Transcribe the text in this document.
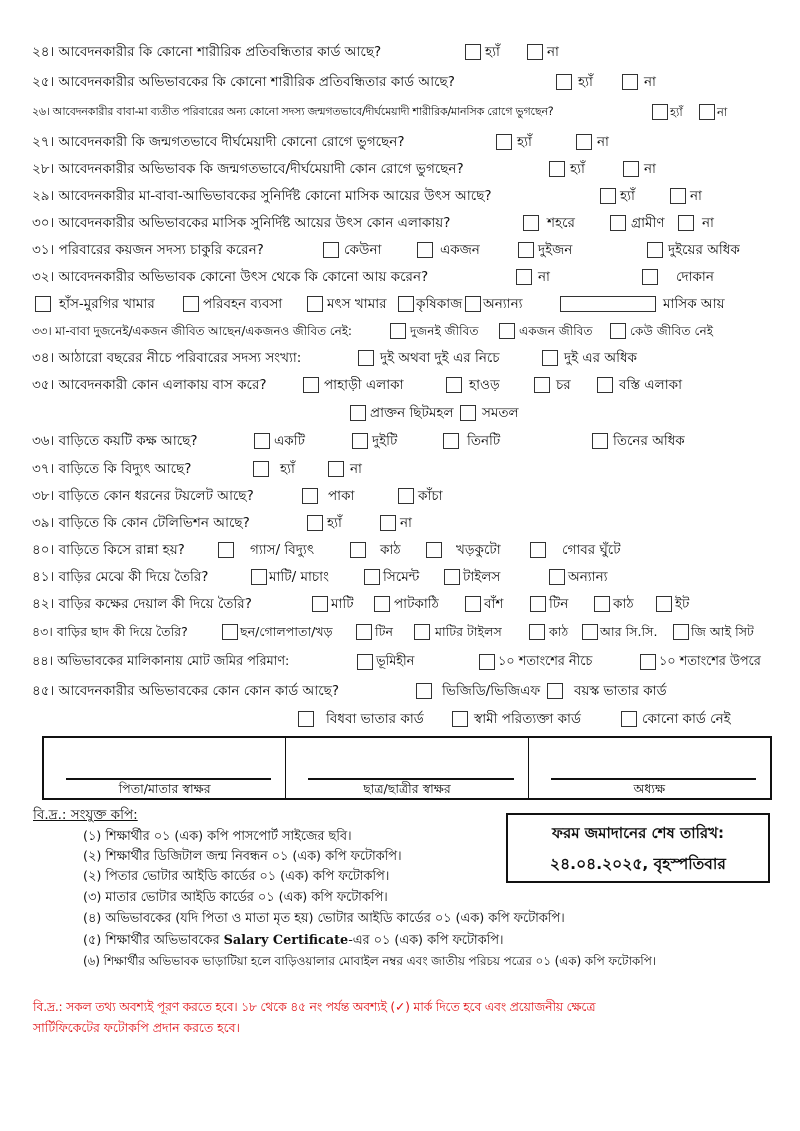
২৪। আবেদনকারীর কি কোনো শারীরিক প্রতিবন্ধিতার কার্ড আছে?	হ্যাঁ	না
২৫। আবেদনকারীর অভিভাবকের কি কোনো শারীরিক প্রতিবন্ধিতার কার্ড আছে?	হ্যাঁ	না
২৬। আবেদনকারীর বাবা-মা ব্যতীত পরিবারের অন্য কোনো সদস্য জন্মগতভাবে/দীর্ঘমেয়াদী শারীরিক/মানসিক রোগে ভুগছেন?	হ্যাঁ	না
২৭। আবেদনকারী কি জন্মগতভাবে দীর্ঘমেয়াদী কোনো রোগে ভুগছেন?	হ্যাঁ	না
২৮। আবেদনকারীর অভিভাবক কি জন্মগতভাবে/দীর্ঘমেয়াদী কোন রোগে ভুগছেন?	হ্যাঁ	না
২৯। আবেদনকারীর মা-বাবা-আভিভাবকের সুনির্দিষ্ট কোনো মাসিক আয়ের উৎস আছে?	হ্যাঁ	না
৩০। আবেদনকারীর অভিভাবকের মাসিক সুনির্দিষ্ট আয়ের উৎস কোন এলাকায়?	শহরে	গ্রামীণ	না
৩১। পরিবারের কয়জন সদস্য চাকুরি করেন?	কেউনা	একজন	দুইজন	দুইয়ের অধিক
৩২। আবেদনকারীর অভিভাবক কোনো উৎস থেকে কি কোনো আয় করেন?	না	দোকান
হাঁস-মুরগির খামার	পরিবহন ব্যবসা	মৎস খামার কৃষিকাজ অন্যান্য	মাসিক আয়
৩৩। মা-বাবা দুজনেই/একজন জীবিত আছেন/একজনও জীবিত নেই:	দুজনই জীবিত	একজন জীবিত	কেউ জীবিত নেই
৩৪। আঠারো বছরের নীচে পরিবারের সদস্য সংখ্যা:	দুই অথবা দুই এর নিচে	দুই এর অধিক
৩৫। আবেদনকারী কোন এলাকায় বাস করে?	পাহাড়ী এলাকা	হাওড়	চর	বস্তি এলাকা
প্রাক্তন ছিটমহল সমতল
৩৬। বাড়িতে কয়টি কক্ষ আছে?	একটি	দুইটি	তিনটি	তিনের অধিক
৩৭। বাড়িতে কি বিদ্যুৎ আছে?	হ্যাঁ	না
৩৮। বাড়িতে কোন ধরনের টয়লেট আছে?	পাকা	কাঁচা
৩৯। বাড়িতে কি কোন টেলিভিশন আছে?	হ্যাঁ	না
৪০। বাড়িতে কিসে রান্না হয়?	গ্যাস/ বিদ্যুৎ	কাঠ	খড়কুটো	গোবর ঘুঁটে
৪১। বাড়ির মেঝে কী দিয়ে তৈরি?	মাটি/ মাচাং	সিমেন্ট	টাইলস	অন্যান্য
৪২। বাড়ির কক্ষের দেয়াল কী দিয়ে তৈরি?	মাটি	পাটকাঠি	বাঁশ	টিন	কাঠ	ইট
৪৩। বাড়ির ছাদ কী দিয়ে তৈরি?	ছন/গোলপাতা/খড়	টিন	মাটির টাইলস	কাঠ	আর সি.সি.	জি আই সিট
৪৪। অভিভাবকের মালিকানায় মোট জমির পরিমাণ:	ভূমিহীন	১০ শতাংশের নীচে	১০ শতাংশের উপরে
৪৫। আবেদনকারীর অভিভাবকের কোন কোন কার্ড আছে?	ভিজিডি/ভিজিএফ	বয়স্ক ভাতার কার্ড
বিধবা ভাতার কার্ড	স্বামী পরিত্যক্তা কার্ড	কোনো কার্ড নেই
পিতা/মাতার স্বাক্ষর	ছাত্র/ছাত্রীর স্বাক্ষর	অধ্যক্ষ
বি.দ্র.: সংযুক্ত কপি:
(১) শিক্ষার্থীর ০১ (এক) কপি পাসপোর্ট সাইজের ছবি।
(২) শিক্ষার্থীর ডিজিটাল জন্ম নিবন্ধন ০১ (এক) কপি ফটোকপি।
(২) পিতার ভোটার আইডি কার্ডের ০১ (এক) কপি ফটোকপি।
(৩) মাতার ভোটার আইডি কার্ডের ০১ (এক) কপি ফটোকপি।
(৪) অভিভাবকের (যদি পিতা ও মাতা মৃত হয়) ভোটার আইডি কার্ডের ০১ (এক) কপি ফটোকপি।
(৫) শিক্ষার্থীর অভিভাবকের Salary Certificate-এর ০১ (এক) কপি ফটোকপি।
(৬) শিক্ষার্থীর অভিভাবক ভাড়াটিয়া হলে বাড়িওয়ালার মোবাইল নম্বর এবং জাতীয় পরিচয় পত্রের ০১ (এক) কপি ফটোকপি।
ফরম জমাদানের শেষ তারিখ:
২৪.০৪.২০২৫, বৃহস্পতিবার
বি.দ্র.: সকল তথ্য অবশ্যই পূরণ করতে হবে। ১৮ থেকে ৪৫ নং পর্যন্ত অবশ্যই (✓) মার্ক দিতে হবে এবং প্রয়োজনীয় ক্ষেত্রে
সার্টিফিকেটের ফটোকপি প্রদান করতে হবে।
